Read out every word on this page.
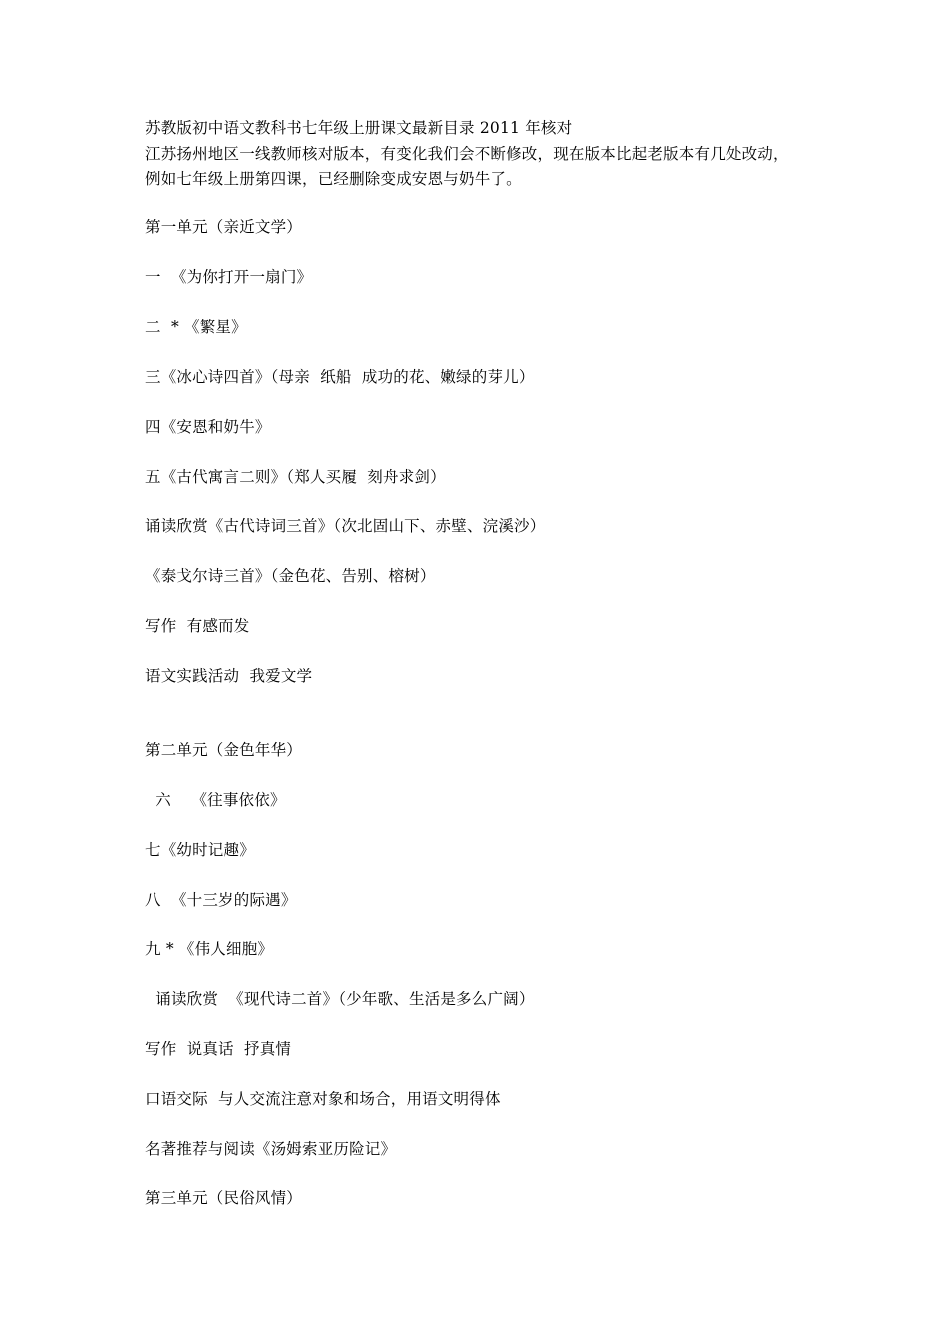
苏教版初中语文教科书七年级上册课文最新目录 2011 年核对
江苏扬州地区一线教师核对版本，有变化我们会不断修改，现在版本比起老版本有几处改动，
例如七年级上册第四课，已经删除变成安恩与奶牛了。
第一单元（亲近文学）
一  《为你打开一扇门》
二  * 《繁星》
三《冰心诗四首》（母亲  纸船  成功的花、嫩绿的芽儿）
四《安恩和奶牛》
五《古代寓言二则》（郑人买履  刻舟求剑）
诵读欣赏《古代诗词三首》（次北固山下、赤壁、浣溪沙）
《泰戈尔诗三首》（金色花、告别、榕树）
写作  有感而发
语文实践活动  我爱文学
第二单元（金色年华）
六    《往事依依》
七《幼时记趣》
八  《十三岁的际遇》
九 * 《伟人细胞》
诵读欣赏  《现代诗二首》（少年歌、生活是多么广阔）
写作  说真话  抒真情
口语交际  与人交流注意对象和场合，用语文明得体
名著推荐与阅读《汤姆索亚历险记》
第三单元（民俗风情）
